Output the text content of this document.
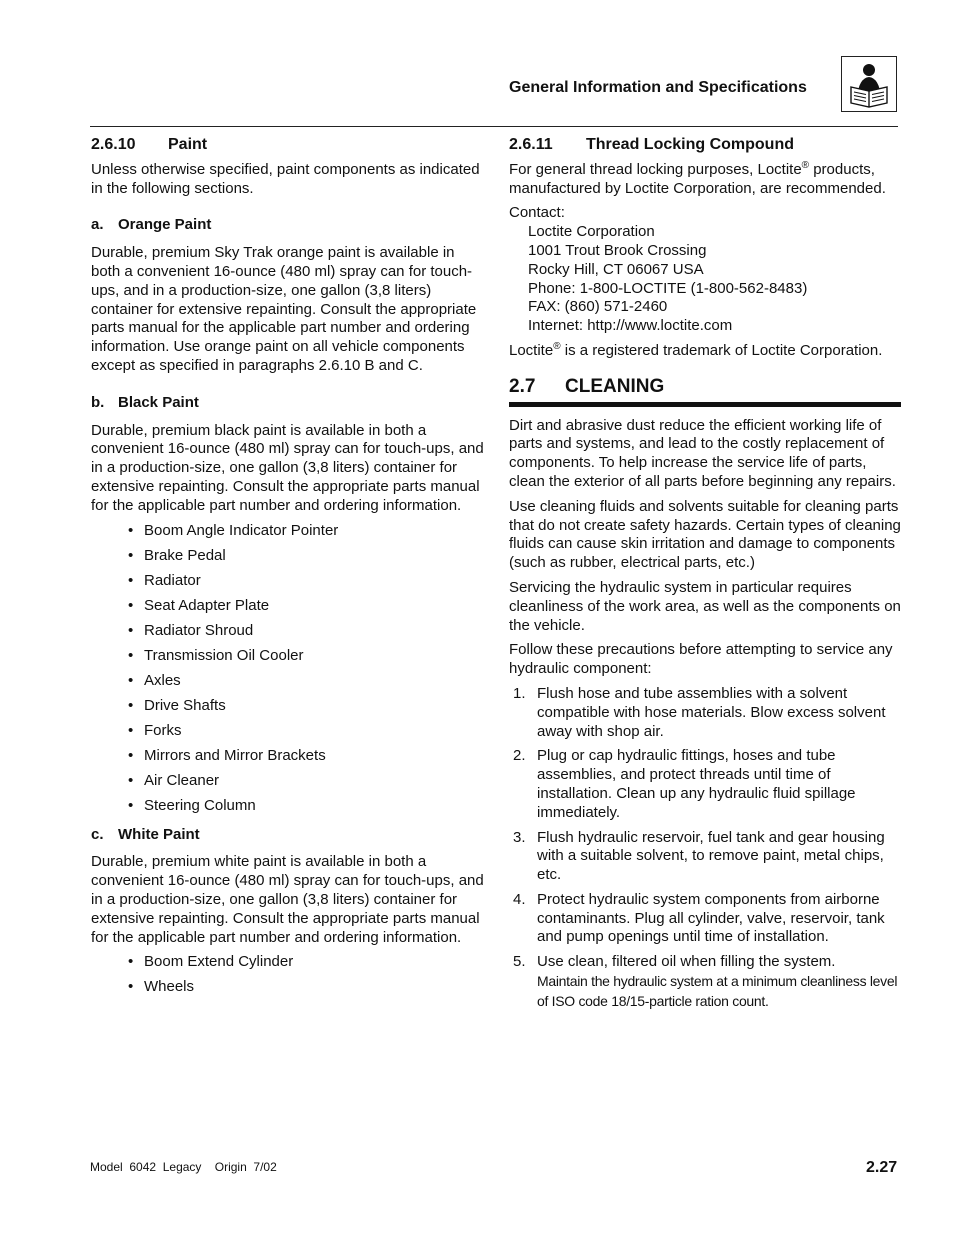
General Information and Specifications
2.6.10 Paint

Unless otherwise specified, paint components as indicated in the following sections.

a. Orange Paint

Durable, premium Sky Trak orange paint is available in both a convenient 16-ounce (480 ml) spray can for touch-ups, and in a production-size, one gallon (3,8 liters) container for extensive repainting. Consult the appropriate parts manual for the applicable part number and ordering information. Use orange paint on all vehicle components except as specified in paragraphs 2.6.10 B and C.

b. Black Paint

Durable, premium black paint is available in both a convenient 16-ounce (480 ml) spray can for touch-ups, and in a production-size, one gallon (3,8 liters) container for extensive repainting. Consult the appropriate parts manual for the applicable part number and ordering information.

• Boom Angle Indicator Pointer
• Brake Pedal
• Radiator
• Seat Adapter Plate
• Radiator Shroud
• Transmission Oil Cooler
• Axles
• Drive Shafts
• Forks
• Mirrors and Mirror Brackets
• Air Cleaner
• Steering Column
c. White Paint

Durable, premium white paint is available in both a convenient 16-ounce (480 ml) spray can for touch-ups, and in a production-size, one gallon (3,8 liters) container for extensive repainting. Consult the appropriate parts manual for the applicable part number and ordering information.

• Boom Extend Cylinder
• Wheels
2.6.11 Thread Locking Compound

For general thread locking purposes, Loctite® products, manufactured by Loctite Corporation, are recommended.

Contact:

Loctite Corporation
1001 Trout Brook Crossing
Rocky Hill, CT 06067 USA
Phone: 1-800-LOCTITE (1-800-562-8483)
FAX: (860) 571-2460
Internet: http://www.loctite.com

Loctite® is a registered trademark of Loctite Corporation.

2.7 CLEANING

Dirt and abrasive dust reduce the efficient working life of parts and systems, and lead to the costly replacement of components. To help increase the service life of parts, clean the exterior of all parts before beginning any repairs.

Use cleaning fluids and solvents suitable for cleaning parts that do not create safety hazards. Certain types of cleaning fluids can cause skin irritation and damage to components (such as rubber, electrical parts, etc.)

Servicing the hydraulic system in particular requires cleanliness of the work area, as well as the components on the vehicle.

Follow these precautions before attempting to service any hydraulic component:

1. Flush hose and tube assemblies with a solvent compatible with hose materials. Blow excess solvent away with shop air.
2. Plug or cap hydraulic fittings, hoses and tube assemblies, and protect threads until time of installation. Clean up any hydraulic fluid spillage immediately.
3. Flush hydraulic reservoir, fuel tank and gear housing with a suitable solvent, to remove paint, metal chips, etc.
4. Protect hydraulic system components from airborne contaminants. Plug all cylinder, valve, reservoir, tank and pump openings until time of installation.
5. Use clean, filtered oil when filling the system.
Maintain the hydraulic system at a minimum cleanliness level of ISO code 18/15-particle ration count.
Model  6042  Legacy    Origin  7/02	2.27
